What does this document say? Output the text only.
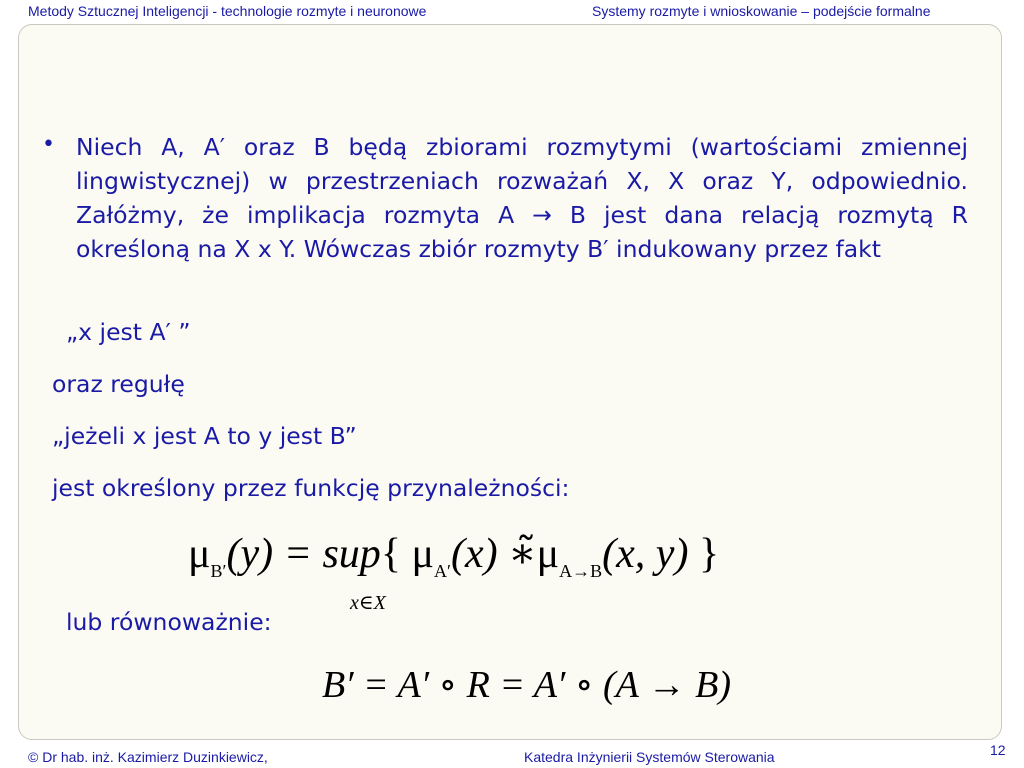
Metody Sztucznej Inteligencji - technologie rozmyte i neuronowe	Systemy rozmyte i wnioskowanie – podejście formalne
• Niech A, A′ oraz B będą zbiorami rozmytymi (wartościami zmiennej lingwistycznej) w przestrzeniach rozważań X, X oraz Y, odpowiednio. Załóżmy, że implikacja rozmyta A → B jest dana relacją rozmytą R określoną na X x Y. Wówczas zbiór rozmyty B′ indukowany przez fakt
„x jest A′ ”
oraz regułę
„jeżeli x jest A to y jest B”
jest określony przez funkcję przynależności:
$\mu_{B'}(y) = sup${ $\mu_{A'}(x)$ $∗̃\mu_{A\to B}(x$, y) }
x∈X
lub równoważnie:
B′ = A′ ∘ R = A′ ∘ (A → B)
© Dr hab. inż. Kazimierz Duzinkiewicz,	Katedra Inżynierii Systemów Sterowania	12
